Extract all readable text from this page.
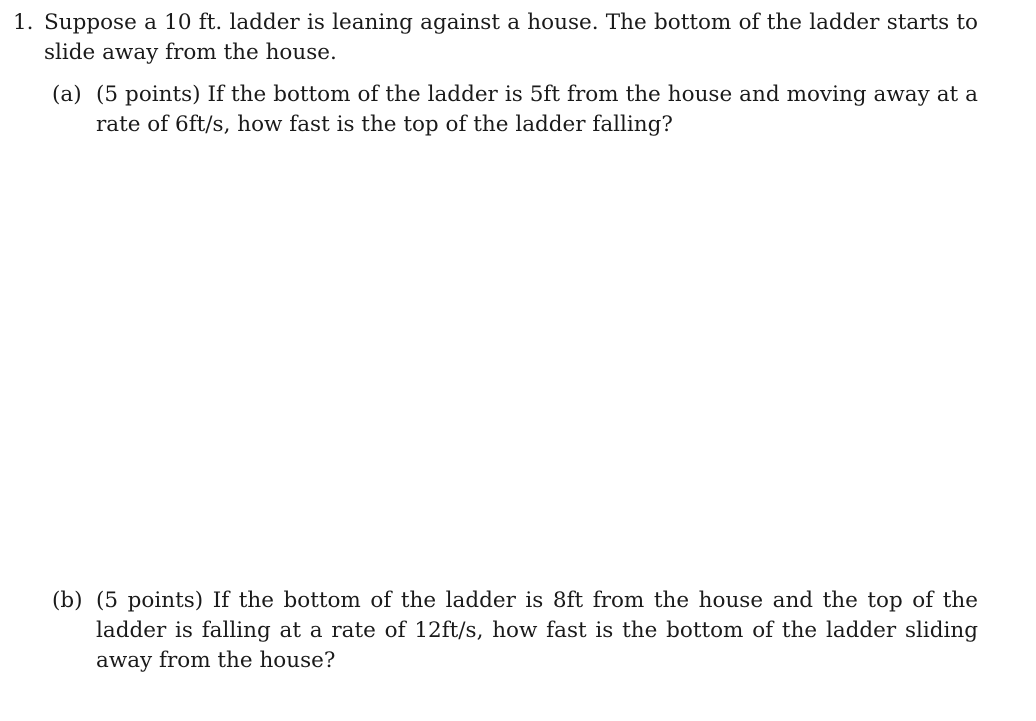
1. Suppose a 10 ft. ladder is leaning against a house. The bottom of the ladder starts to slide away from the house.
(a) (5 points) If the bottom of the ladder is 5ft from the house and moving away at a rate of 6ft/s, how fast is the top of the ladder falling?
(b) (5 points) If the bottom of the ladder is 8ft from the house and the top of the ladder is falling at a rate of 12ft/s, how fast is the bottom of the ladder sliding away from the house?
